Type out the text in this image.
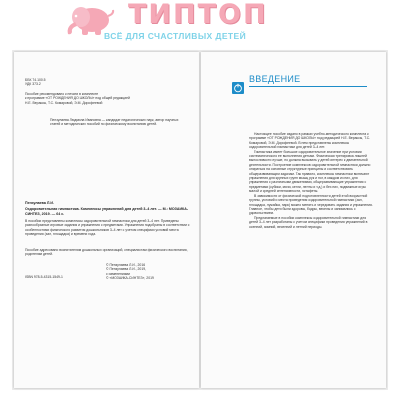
ТИПТОП
ВСЁ ДЛЯ СЧАСТЛИВЫХ ДЕТЕЙ
ББК 74.100.5
УДК 373.2
Пособие рекомендовано к печати в комплекте
к программе «ОТ РОЖДЕНИЯ ДО ШКОЛЫ» под общей редакцией
Н.Е. Вераксы, Т.С. Комаровой, Э.М. Дорофеевой
Пензулаева Людмила Ивановна — кандидат педагогических наук, автор научных статей и методических пособий по физическому воспитанию детей.
Пензулаева Л.И.
Оздоровительная гимнастика. Комплексы упражнений для детей 3–4 лет. — М.: МОЗАИКА-СИНТЕЗ, 2019. — 64 с.
В пособии представлены комплексы оздоровительной гимнастики для детей 3–4 лет. Приведены разнообразные игровые задания и упражнения с предметами. Упражнения подобраны в соответствии с особенностями физического развития дошкольников 3–4 лет с учетом специфики условий места проведения (зал, площадка) и времени года.
Пособие адресовано воспитателям дошкольных организаций, специалистам физического воспитания, родителям детей.
© Пензулаева Л.И., 2016
© Пензулаева Л.И., 2019,
с изменениями
© «МОЗАИКА-СИНТЕЗ», 2019
ISBN 978-5-4315-1549-1
ВВЕДЕНИЕ

Настоящее пособие издано в рамках учебно-методического комплекта к программе «ОТ РОЖДЕНИЯ ДО ШКОЛЫ» под редакцией Н.Е. Вераксы, Т.С. Комаровой, Э.М. Дорофеевой. В нем представлены комплексы оздоровительной гимнастики для детей 3–4 лет.

Гимнастика имеет большое оздоровительное значение при условии систематического ее выполнения детьми. Физическая тренировка лишней выносливости лучше, но должна вызывать у детей интерес к двигательной деятельности. Построение комплексов оздоровительной гимнастики должно опираться на основные структурные принципы и соответствовать общеразвивающим задачам. Так правило, комплексы гимнастики включают упражнения для крупных групп мышц рук и ног, в каждом из них, для упражнения с различными движениями, общеразвивающие упражнения с предметами (кубики, мячи, кегли, ленты и т.д.) и без них, подвижные игры малой и средней интенсивности, эстафеты.

В зависимости от физической подготовленности детей этой возрастной группы, условий и места проведения оздоровительной гимнастики (зал, площадка, лужайка, парк) можно менять и чередовать задания и упражнения. Главное, чтобы дети были здоровы, бодры, веселы и занимались с удовольствием.

Предлагаемые в пособии комплексы оздоровительной гимнастики для детей 3–4 лет разработаны с учетом специфики проведения упражнений в осенний, зимний, весенний и летний периоды.
